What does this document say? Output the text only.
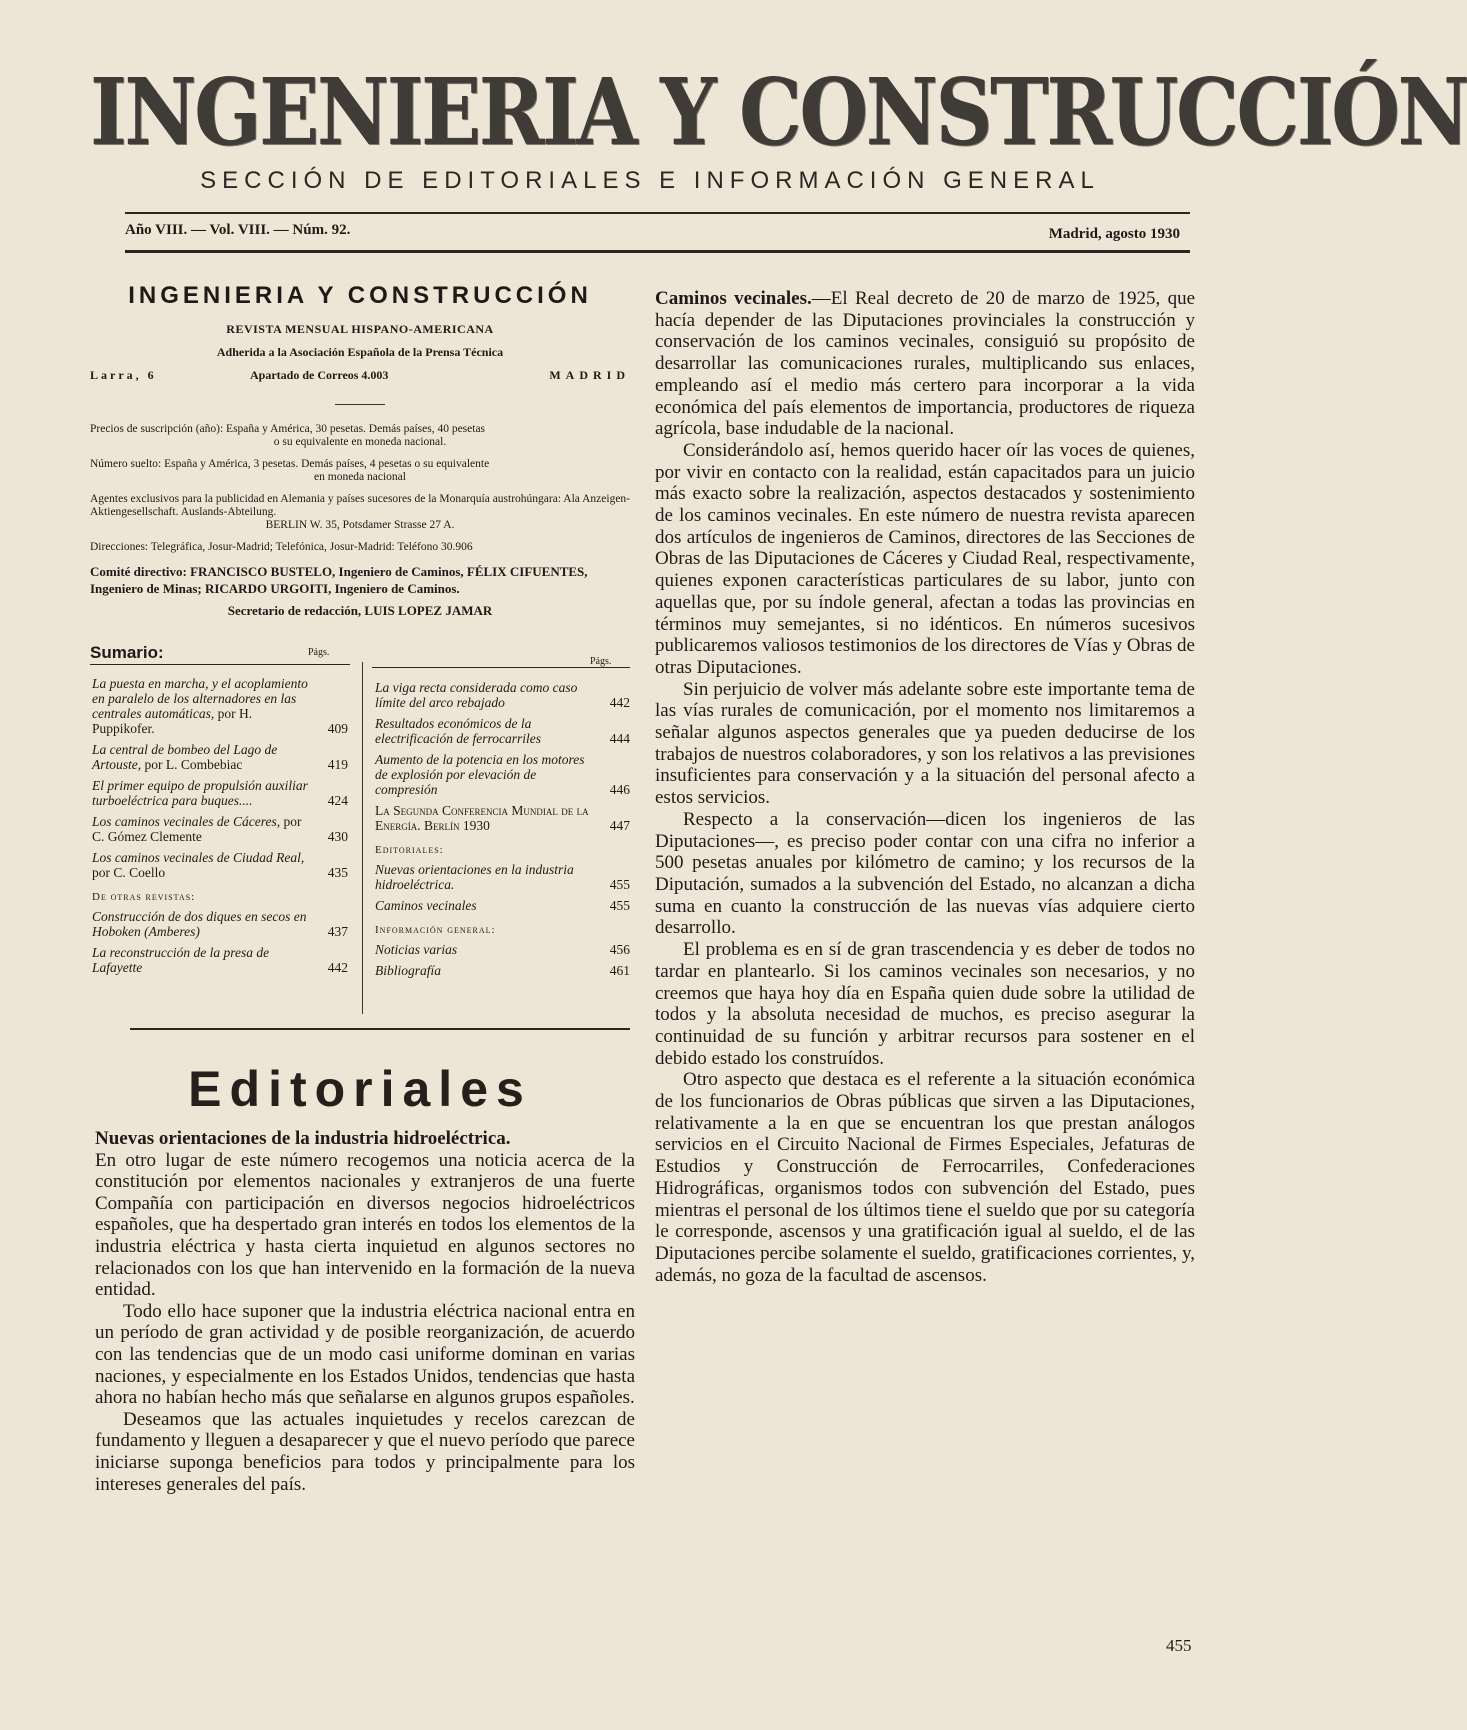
INGENIERIA Y CONSTRUCCIÓN
SECCIÓN DE EDITORIALES E INFORMACIÓN GENERAL
Año VIII. — Vol. VIII. — Núm. 92.	Madrid, agosto 1930
INGENIERIA Y CONSTRUCCIÓN
REVISTA MENSUAL HISPANO-AMERICANA
Adherida a la Asociación Española de la Prensa Técnica
Larra, 6	Apartado de Correos 4.003	MADRID

Precios de suscripción (año): España y América, 30 pesetas. Demás países, 40 pesetas
o su equivalente en moneda nacional.

Número suelto: España y América, 3 pesetas. Demás países, 4 pesetas o su equivalente
en moneda nacional

Agentes exclusivos para la publicidad en Alemania y países sucesores de la Monarquía austrohúngara: Ala Anzeigen-Aktiengesellschaft. Auslands-Abteilung.
BERLIN W. 35, Potsdamer Strasse 27 A.

Direcciones: Telegráfica, Josur-Madrid; Telefónica, Josur-Madrid: Teléfono 30.906

Comité directivo: FRANCISCO BUSTELO, Ingeniero de Caminos, FÉLIX CIFUENTES, Ingeniero de Minas; RICARDO URGOITI, Ingeniero de Caminos.
Secretario de redacción, LUIS LOPEZ JAMAR
Sumario:	Págs.
Págs.
La puesta en marcha, y el acoplamiento en paralelo de los alternadores en las centrales automáticas, por H. Puppikofer.	409
La central de bombeo del Lago de Artouste, por L. Combebiac	419
El primer equipo de propulsión auxiliar turboeléctrica para buques....	424
Los caminos vecinales de Cáceres, por C. Gómez Clemente	430
Los caminos vecinales de Ciudad Real, por C. Coello	435
De otras revistas:
Construcción de dos diques en secos en Hoboken (Amberes)	437
La reconstrucción de la presa de Lafayette	442
La viga recta considerada como caso límite del arco rebajado	442
Resultados económicos de la electrificación de ferrocarriles	444
Aumento de la potencia en los motores de explosión por elevación de compresión	446
La Segunda Conferencia Mundial de la Energía. Berlín 1930	447
Editoriales:
Nuevas orientaciones en la industria hidroeléctrica.	455
Caminos vecinales	455
Información general:
Noticias varias	456
Bibliografía	461
Editoriales

Nuevas orientaciones de la industria hidroeléctrica.

En otro lugar de este número recogemos una noticia acerca de la constitución por elementos nacionales y extranjeros de una fuerte Compañía con participación en diversos negocios hidroeléctricos españoles, que ha despertado gran interés en todos los elementos de la industria eléctrica y hasta cierta inquietud en algunos sectores no relacionados con los que han intervenido en la formación de la nueva entidad.

Todo ello hace suponer que la industria eléctrica nacional entra en un período de gran actividad y de posible reorganización, de acuerdo con las tendencias que de un modo casi uniforme dominan en varias naciones, y especialmente en los Estados Unidos, tendencias que hasta ahora no habían hecho más que señalarse en algunos grupos españoles.

Deseamos que las actuales inquietudes y recelos carezcan de fundamento y lleguen a desaparecer y que el nuevo período que parece iniciarse suponga beneficios para todos y principalmente para los intereses generales del país.

Caminos vecinales.—El Real decreto de 20 de marzo de 1925, que hacía depender de las Diputaciones provinciales la construcción y conservación de los caminos vecinales, consiguió su propósito de desarrollar las comunicaciones rurales, multiplicando sus enlaces, empleando así el medio más certero para incorporar a la vida económica del país elementos de importancia, productores de riqueza agrícola, base indudable de la nacional.

Considerándolo así, hemos querido hacer oír las voces de quienes, por vivir en contacto con la realidad, están capacitados para un juicio más exacto sobre la realización, aspectos destacados y sostenimiento de los caminos vecinales. En este número de nuestra revista aparecen dos artículos de ingenieros de Caminos, directores de las Secciones de Obras de las Diputaciones de Cáceres y Ciudad Real, respectivamente, quienes exponen características particulares de su labor, junto con aquellas que, por su índole general, afectan a todas las provincias en términos muy semejantes, si no idénticos. En números sucesivos publicaremos valiosos testimonios de los directores de Vías y Obras de otras Diputaciones.

Sin perjuicio de volver más adelante sobre este importante tema de las vías rurales de comunicación, por el momento nos limitaremos a señalar algunos aspectos generales que ya pueden deducirse de los trabajos de nuestros colaboradores, y son los relativos a las previsiones insuficientes para conservación y a la situación del personal afecto a estos servicios.

Respecto a la conservación—dicen los ingenieros de las Diputaciones—, es preciso poder contar con una cifra no inferior a 500 pesetas anuales por kilómetro de camino; y los recursos de la Diputación, sumados a la subvención del Estado, no alcanzan a dicha suma en cuanto la construcción de las nuevas vías adquiere cierto desarrollo.

El problema es en sí de gran trascendencia y es deber de todos no tardar en plantearlo. Si los caminos vecinales son necesarios, y no creemos que haya hoy día en España quien dude sobre la utilidad de todos y la absoluta necesidad de muchos, es preciso asegurar la continuidad de su función y arbitrar recursos para sostener en el debido estado los construídos.

Otro aspecto que destaca es el referente a la situación económica de los funcionarios de Obras públicas que sirven a las Diputaciones, relativamente a la en que se encuentran los que prestan análogos servicios en el Circuito Nacional de Firmes Especiales, Jefaturas de Estudios y Construcción de Ferrocarriles, Confederaciones Hidrográficas, organismos todos con subvención del Estado, pues mientras el personal de los últimos tiene el sueldo que por su categoría le corresponde, ascensos y una gratificación igual al sueldo, el de las Diputaciones percibe solamente el sueldo, gratificaciones corrientes, y, además, no goza de la facultad de ascensos.

455
